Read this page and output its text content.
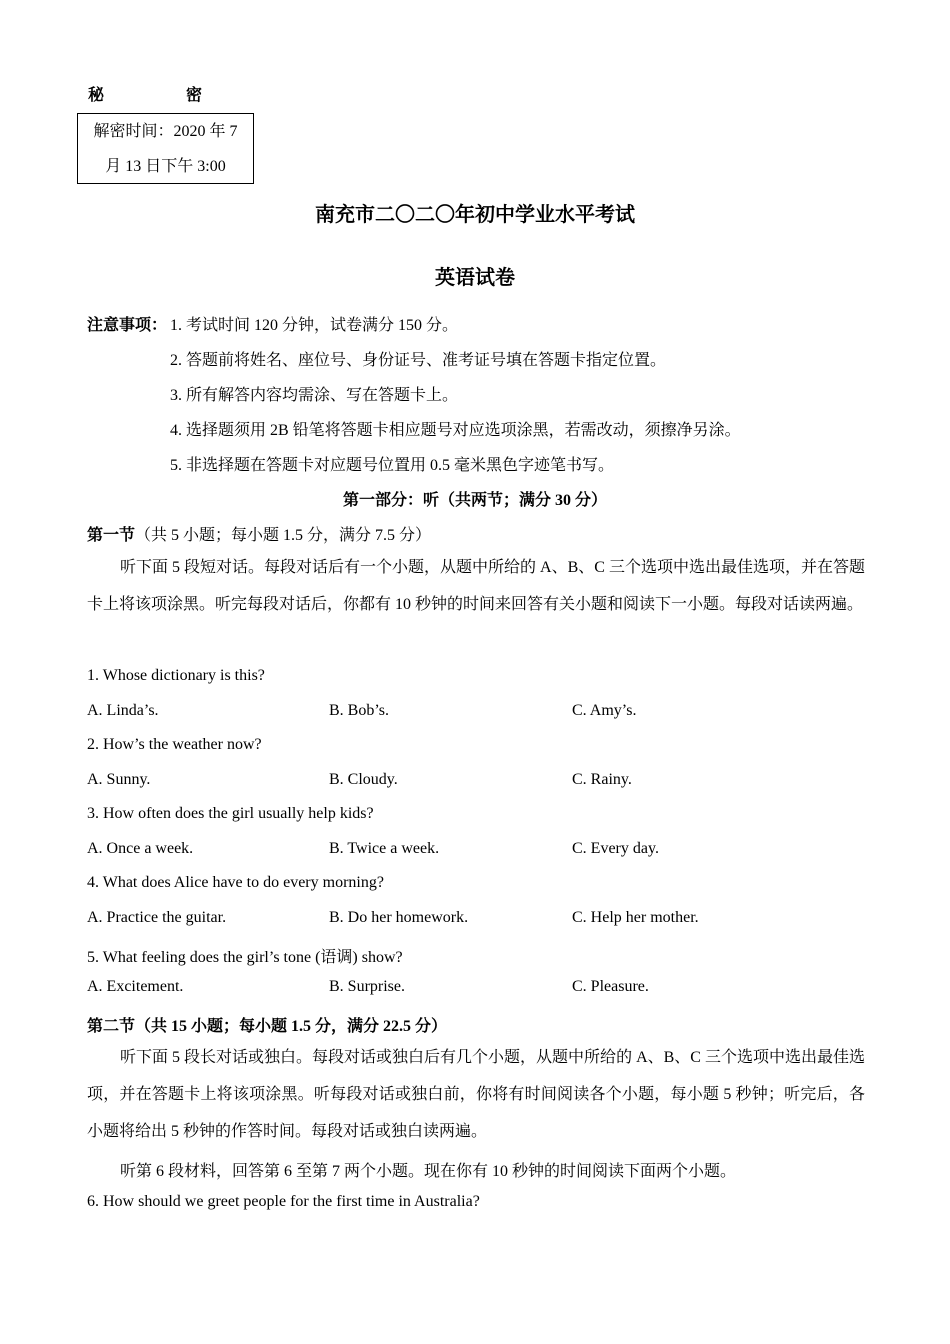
秘	密
解密时间：2020 年 7
月 13 日下午 3:00
南充市二〇二〇年初中学业水平考试
英语试卷
注意事项： 1. 考试时间 120 分钟，试卷满分 150 分。
2. 答题前将姓名、座位号、身份证号、准考证号填在答题卡指定位置。
3. 所有解答内容均需涂、写在答题卡上。
4. 选择题须用 2B 铅笔将答题卡相应题号对应选项涂黑，若需改动，须擦净另涂。
5. 非选择题在答题卡对应题号位置用 0.5 毫米黑色字迹笔书写。
第一部分：听（共两节；满分 30 分）
第一节（共 5 小题；每小题 1.5 分，满分 7.5 分）
听下面 5 段短对话。每段对话后有一个小题，从题中所给的 A、B、C 三个选项中选出最佳选项，并在答题卡上将该项涂黑。听完每段对话后，你都有 10 秒钟的时间来回答有关小题和阅读下一小题。每段对话读两遍。
1. Whose dictionary is this?
A. Linda’s.	B. Bob’s.	C. Amy’s.
2. How’s the weather now?
A. Sunny.	B. Cloudy.	C. Rainy.
3. How often does the girl usually help kids?
A. Once a week.	B. Twice a week.	C. Every day.
4. What does Alice have to do every morning?
A. Practice the guitar.	B. Do her homework.	C. Help her mother.
5. What feeling does the girl’s tone (语调) show?
A. Excitement.	B. Surprise.	C. Pleasure.
第二节（共 15 小题；每小题 1.5 分，满分 22.5 分）
听下面 5 段长对话或独白。每段对话或独白后有几个小题，从题中所给的 A、B、C 三个选项中选出最佳选项，并在答题卡上将该项涂黑。听每段对话或独白前，你将有时间阅读各个小题，每小题 5 秒钟；听完后，各小题将给出 5 秒钟的作答时间。每段对话或独白读两遍。
听第 6 段材料，回答第 6 至第 7 两个小题。现在你有 10 秒钟的时间阅读下面两个小题。
6. How should we greet people for the first time in Australia?
